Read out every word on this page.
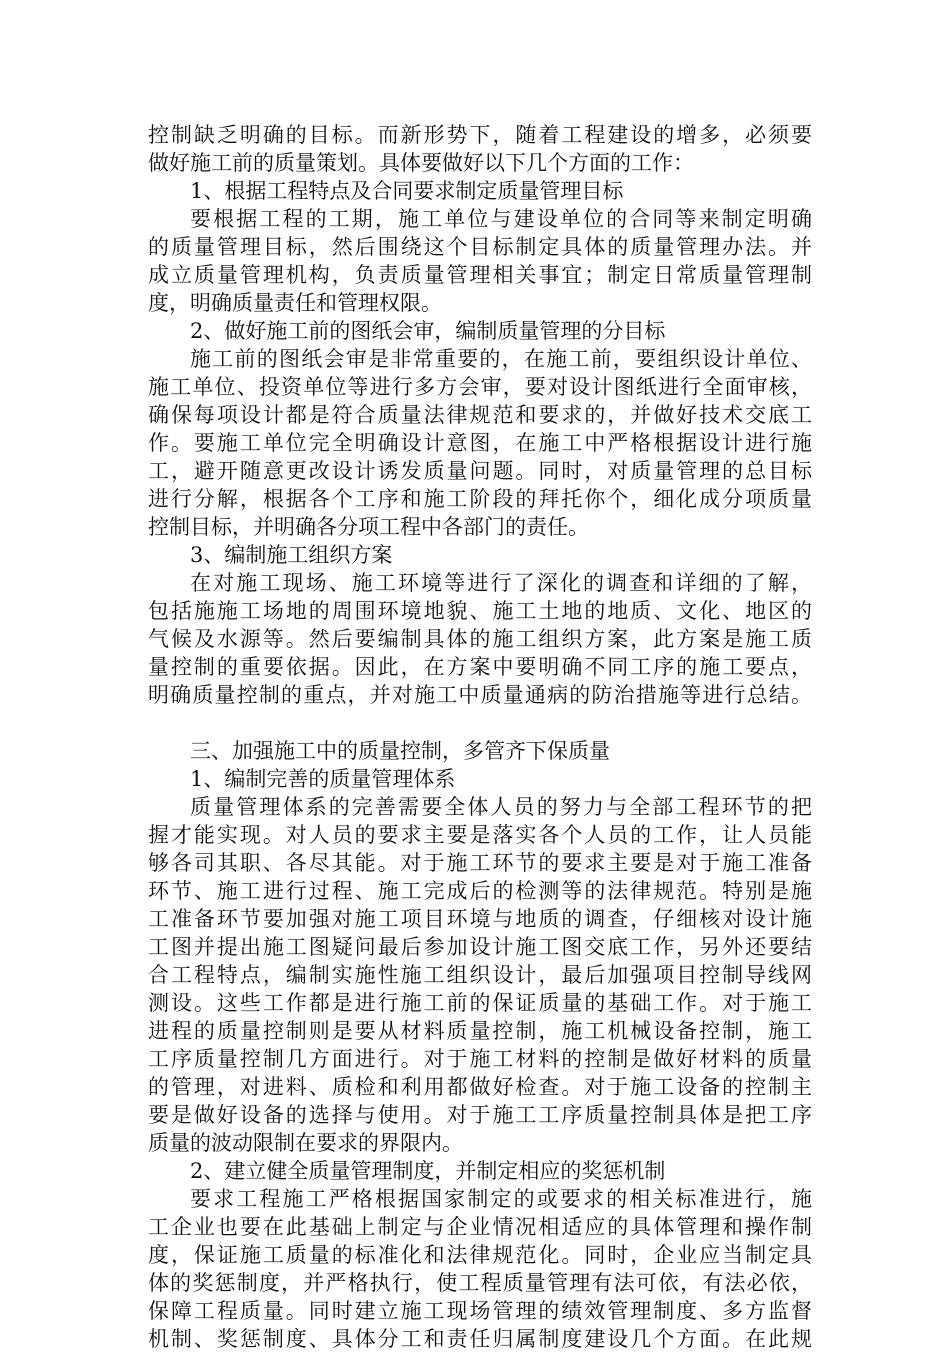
控制缺乏明确的目标。而新形势下，随着工程建设的增多，必须要
做好施工前的质量策划。具体要做好以下几个方面的工作：
1、根据工程特点及合同要求制定质量管理目标
要根据工程的工期，施工单位与建设单位的合同等来制定明确
的质量管理目标，然后围绕这个目标制定具体的质量管理办法。并
成立质量管理机构，负责质量管理相关事宜；制定日常质量管理制
度，明确质量责任和管理权限。
2、做好施工前的图纸会审，编制质量管理的分目标
施工前的图纸会审是非常重要的，在施工前，要组织设计单位、
施工单位、投资单位等进行多方会审，要对设计图纸进行全面审核，
确保每项设计都是符合质量法律规范和要求的，并做好技术交底工
作。要施工单位完全明确设计意图，在施工中严格根据设计进行施
工，避开随意更改设计诱发质量问题。同时，对质量管理的总目标
进行分解，根据各个工序和施工阶段的拜托你个，细化成分项质量
控制目标，并明确各分项工程中各部门的责任。
3、编制施工组织方案
在对施工现场、施工环境等进行了深化的调查和详细的了解，
包括施施工场地的周围环境地貌、施工土地的地质、文化、地区的
气候及水源等。然后要编制具体的施工组织方案，此方案是施工质
量控制的重要依据。因此，在方案中要明确不同工序的施工要点，
明确质量控制的重点，并对施工中质量通病的防治措施等进行总结。
三、加强施工中的质量控制，多管齐下保质量
1、编制完善的质量管理体系
质量管理体系的完善需要全体人员的努力与全部工程环节的把
握才能实现。对人员的要求主要是落实各个人员的工作，让人员能
够各司其职、各尽其能。对于施工环节的要求主要是对于施工准备
环节、施工进行过程、施工完成后的检测等的法律规范。特别是施
工准备环节要加强对施工项目环境与地质的调查，仔细核对设计施
工图并提出施工图疑问最后参加设计施工图交底工作，另外还要结
合工程特点，编制实施性施工组织设计，最后加强项目控制导线网
测设。这些工作都是进行施工前的保证质量的基础工作。对于施工
进程的质量控制则是要从材料质量控制，施工机械设备控制，施工
工序质量控制几方面进行。对于施工材料的控制是做好材料的质量
的管理，对进料、质检和利用都做好检查。对于施工设备的控制主
要是做好设备的选择与使用。对于施工工序质量控制具体是把工序
质量的波动限制在要求的界限内。
2、建立健全质量管理制度，并制定相应的奖惩机制
要求工程施工严格根据国家制定的或要求的相关标准进行，施
工企业也要在此基础上制定与企业情况相适应的具体管理和操作制
度，保证施工质量的标准化和法律规范化。同时，企业应当制定具
体的奖惩制度，并严格执行，使工程质量管理有法可依，有法必依，
保障工程质量。同时建立施工现场管理的绩效管理制度、多方监督
机制、奖惩制度、具体分工和责任归属制度建设几个方面。在此规
